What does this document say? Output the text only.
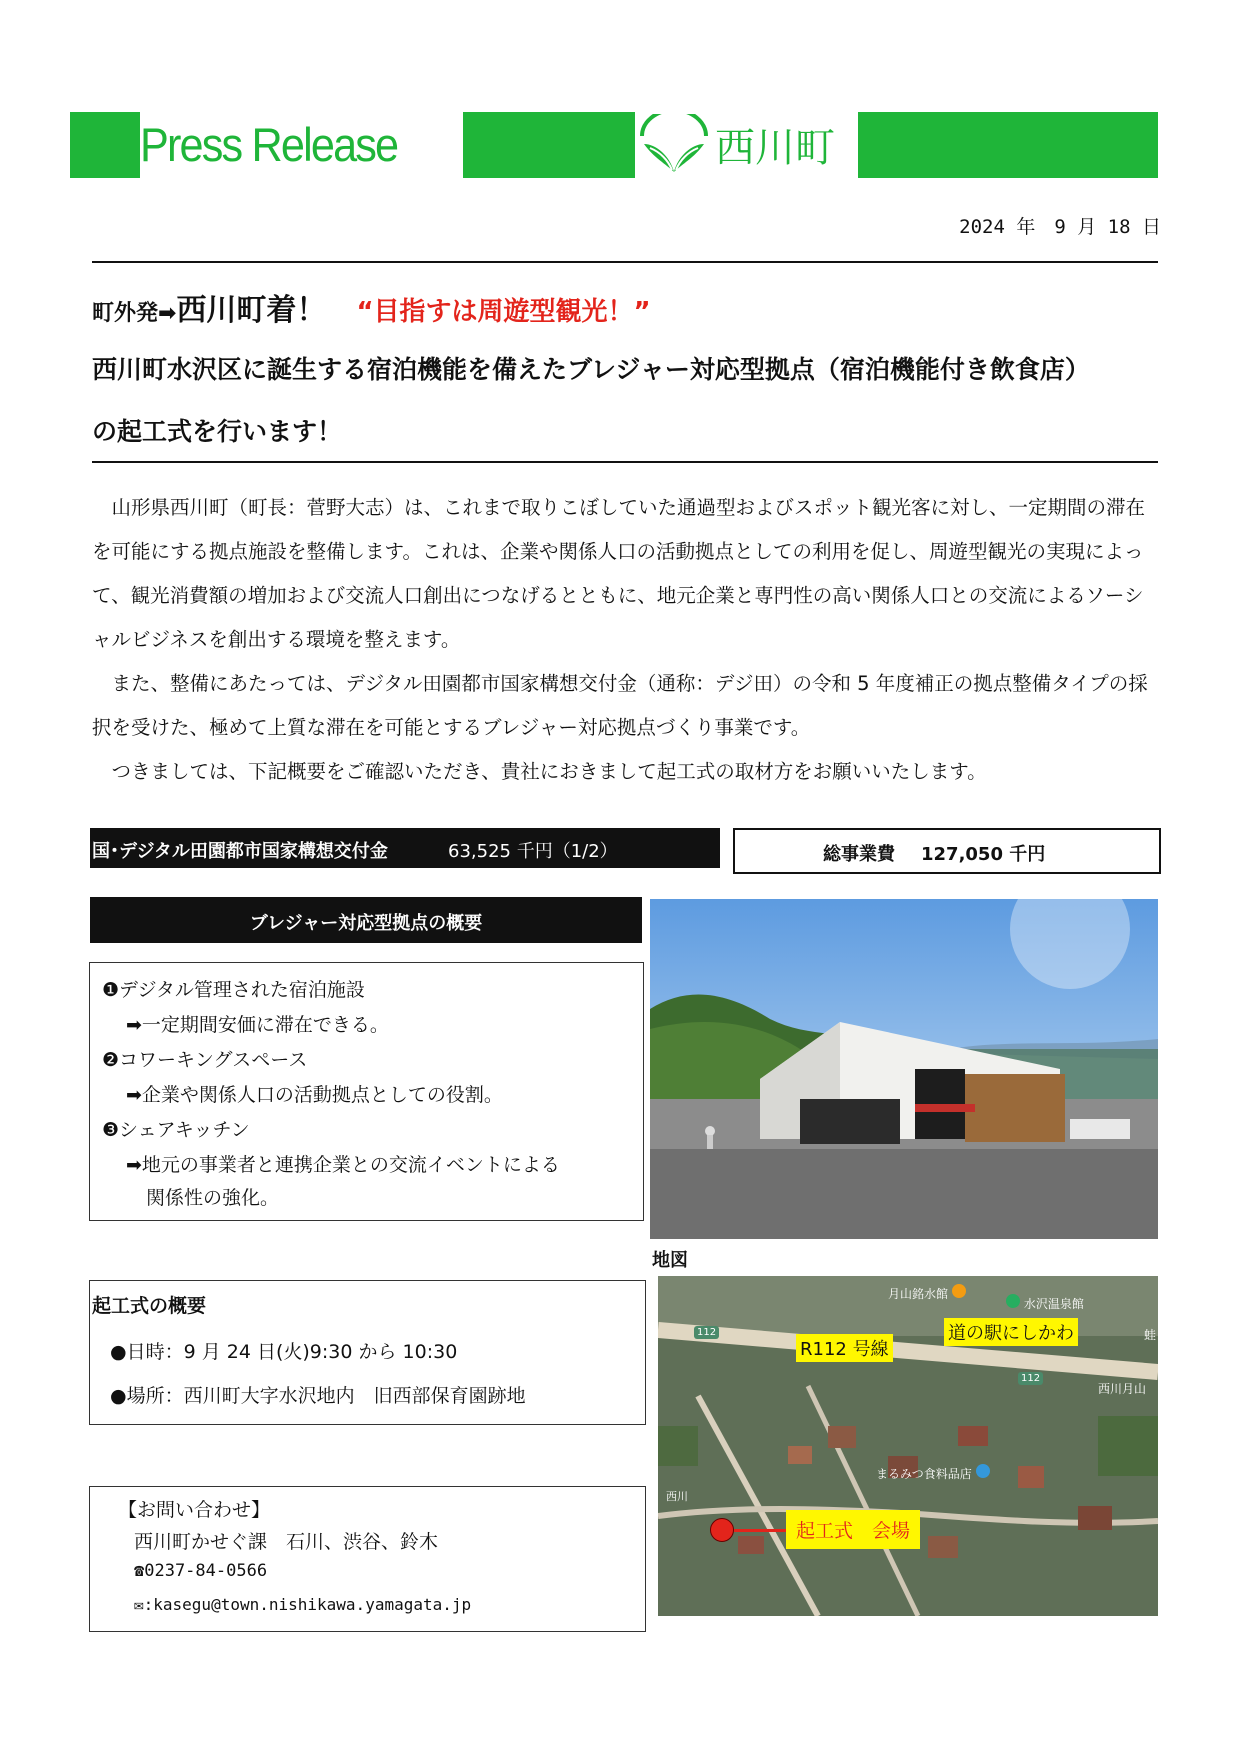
Press Release	西川町
2024 年　9 月 18 日
町外発➡西川町着！ “目指すは周遊型観光！”
西川町水沢区に誕生する宿泊機能を備えたブレジャー対応型拠点（宿泊機能付き飲食店）
の起工式を行います！

山形県西川町（町長：菅野大志）は、これまで取りこぼしていた通過型およびスポット観光客に対し、一定期間の滞在を可能にする拠点施設を整備します。これは、企業や関係人口の活動拠点としての利用を促し、周遊型観光の実現によって、観光消費額の増加および交流人口創出につなげるとともに、地元企業と専門性の高い関係人口との交流によるソーシャルビジネスを創出する環境を整えます。

また、整備にあたっては、デジタル田園都市国家構想交付金（通称：デジ田）の令和 5 年度補正の拠点整備タイプの採択を受けた、極めて上質な滞在を可能とするブレジャー対応拠点づくり事業です。

つきましては、下記概要をご確認いただき、貴社におきまして起工式の取材方をお願いいたします。

国･デジタル田園都市国家構想交付金	63,525 千円（1/2）	総事業費 127,050 千円
ブレジャー対応型拠点の概要
❶デジタル管理された宿泊施設
➡一定期間安価に滞在できる。
❷コワーキングスペース
➡企業や関係人口の活動拠点としての役割。
❸シェアキッチン
➡地元の事業者と連携企業との交流イベントによる
関係性の強化。
地図
月山銘水館
水沢温泉館
R112 号線
道の駅にしかわ
112
112
西川月山
蛙
まるみつ食料品店
西川
起工式　会場
起工式の概要
●日時：9 月 24 日(火)9:30 から 10:30
●場所：西川町大字水沢地内　旧西部保育園跡地
【お問い合わせ】
西川町かせぐ課　石川、渋谷、鈴木
☎0237-84-0566
✉:kasegu@town.nishikawa.yamagata.jp
